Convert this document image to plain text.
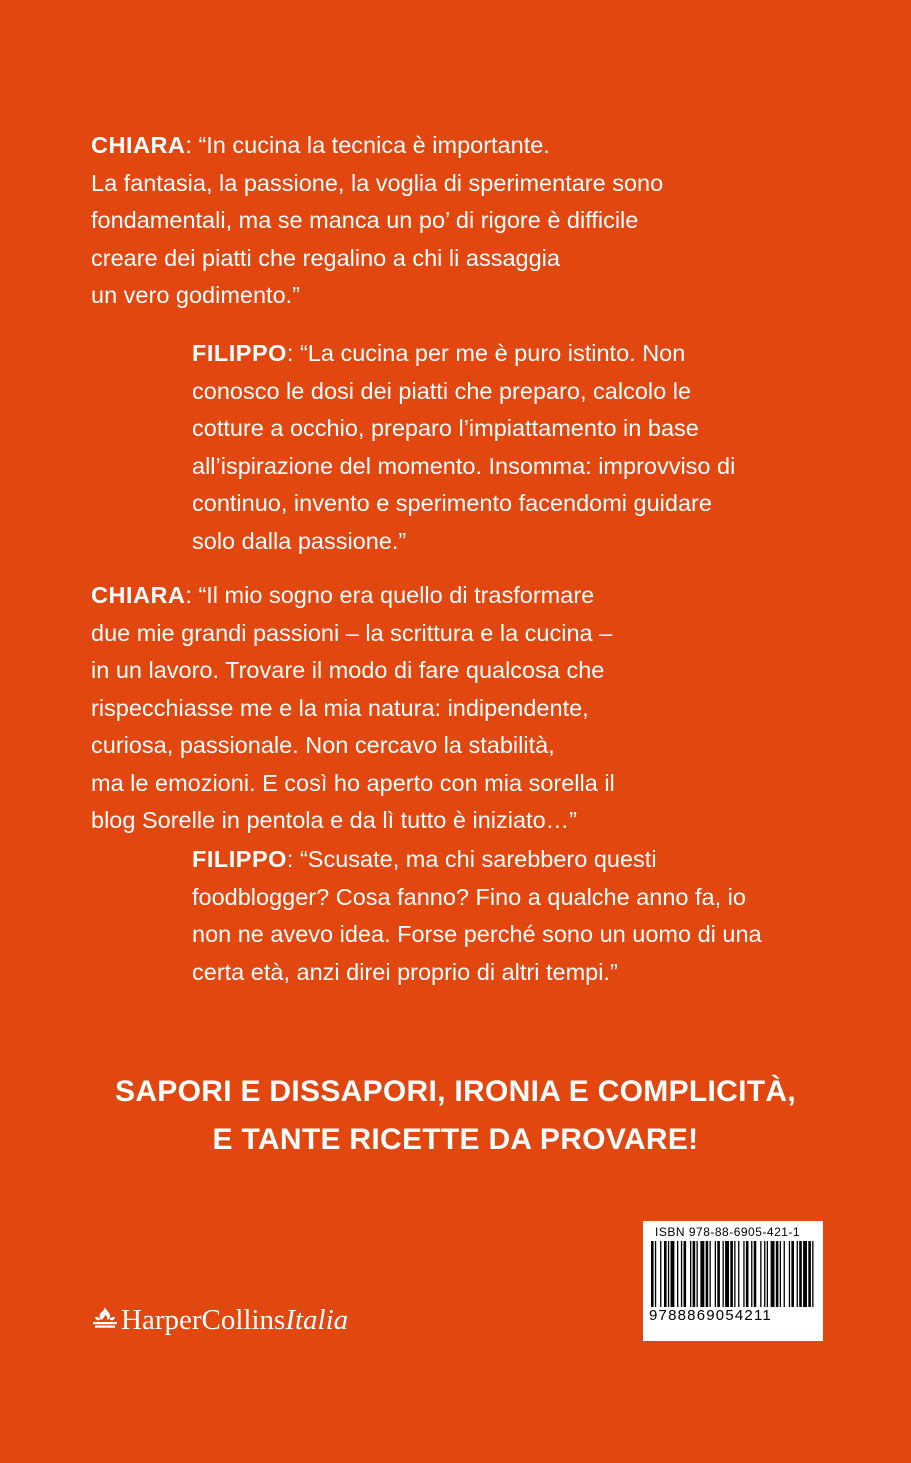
CHIARA: “In cucina la tecnica è importante.
La fantasia, la passione, la voglia di sperimentare sono
fondamentali, ma se manca un po’ di rigore è difficile
creare dei piatti che regalino a chi li assaggia
un vero godimento.”
FILIPPO: “La cucina per me è puro istinto. Non
conosco le dosi dei piatti che preparo, calcolo le
cotture a occhio, preparo l’impiattamento in base
all’ispirazione del momento. Insomma: improvviso di
continuo, invento e sperimento facendomi guidare
solo dalla passione.”
CHIARA: “Il mio sogno era quello di trasformare
due mie grandi passioni – la scrittura e la cucina –
in un lavoro. Trovare il modo di fare qualcosa che
rispecchiasse me e la mia natura: indipendente,
curiosa, passionale. Non cercavo la stabilità,
ma le emozioni. E così ho aperto con mia sorella il
blog Sorelle in pentola e da lì tutto è iniziato…”
FILIPPO: “Scusate, ma chi sarebbero questi
foodblogger? Cosa fanno? Fino a qualche anno fa, io
non ne avevo idea. Forse perché sono un uomo di una
certa età, anzi direi proprio di altri tempi.”
SAPORI E DISSAPORI, IRONIA E COMPLICITÀ,
E TANTE RICETTE DA PROVARE!
HarperCollins Italia
ISBN 978-88-6905-421-1
9788869054211
